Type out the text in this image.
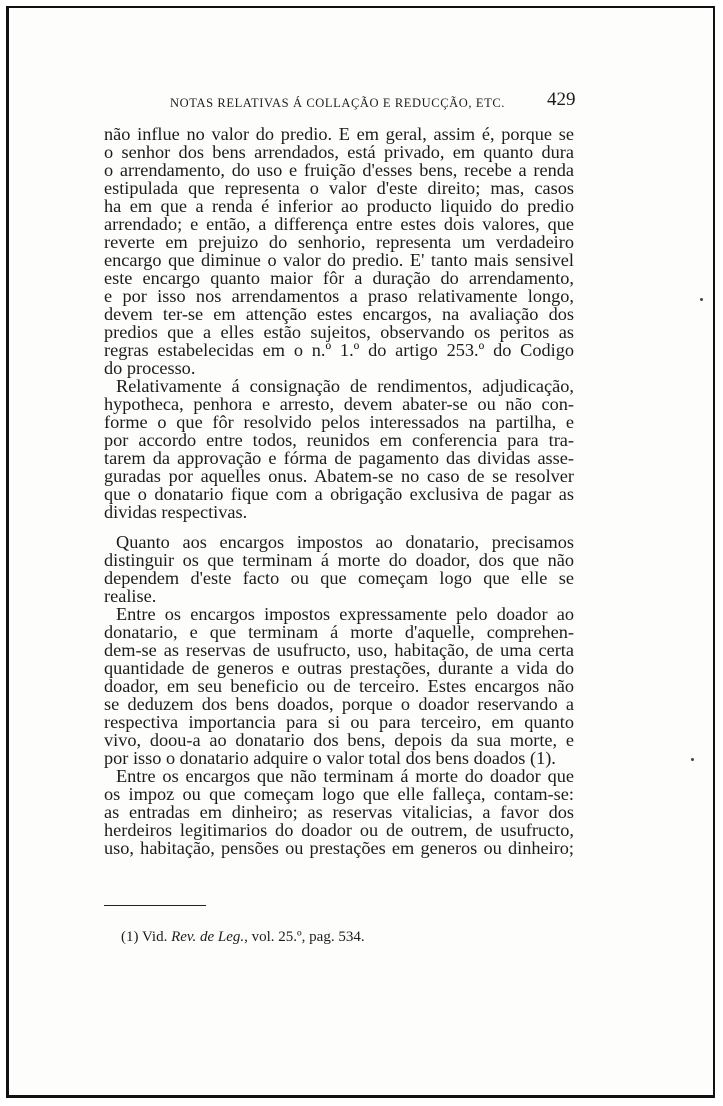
NOTAS RELATIVAS Á COLLAÇÃO E REDUCÇÃO, ETC. 429
não influe no valor do predio. E em geral, assim é, porque se
o senhor dos bens arrendados, está privado, em quanto dura
o arrendamento, do uso e fruição d'esses bens, recebe a renda
estipulada que representa o valor d'este direito; mas, casos
ha em que a renda é inferior ao producto liquido do predio
arrendado; e então, a differença entre estes dois valores, que
reverte em prejuizo do senhorio, representa um verdadeiro
encargo que diminue o valor do predio. E' tanto mais sensivel
este encargo quanto maior fôr a duração do arrendamento,
e por isso nos arrendamentos a praso relativamente longo,
devem ter-se em attenção estes encargos, na avaliação dos
predios que a elles estão sujeitos, observando os peritos as
regras estabelecidas em o n.º 1.º do artigo 253.º do Codigo
do processo.
Relativamente á consignação de rendimentos, adjudicação,
hypotheca, penhora e arresto, devem abater-se ou não con-
forme o que fôr resolvido pelos interessados na partilha, e
por accordo entre todos, reunidos em conferencia para tra-
tarem da approvação e fórma de pagamento das dividas asse-
guradas por aquelles onus. Abatem-se no caso de se resolver
que o donatario fique com a obrigação exclusiva de pagar as
dividas respectivas.
Quanto aos encargos impostos ao donatario, precisamos
distinguir os que terminam á morte do doador, dos que não
dependem d'este facto ou que começam logo que elle se
realise.
Entre os encargos impostos expressamente pelo doador ao
donatario, e que terminam á morte d'aquelle, comprehen-
dem-se as reservas de usufructo, uso, habitação, de uma certa
quantidade de generos e outras prestações, durante a vida do
doador, em seu beneficio ou de terceiro. Estes encargos não
se deduzem dos bens doados, porque o doador reservando a
respectiva importancia para si ou para terceiro, em quanto
vivo, doou-a ao donatario dos bens, depois da sua morte, e
por isso o donatario adquire o valor total dos bens doados (1).
Entre os encargos que não terminam á morte do doador que
os impoz ou que começam logo que elle falleça, contam-se:
as entradas em dinheiro; as reservas vitalicias, a favor dos
herdeiros legitimarios do doador ou de outrem, de usufructo,
uso, habitação, pensões ou prestações em generos ou dinheiro;
(1) Vid. Rev. de Leg., vol. 25.º, pag. 534.
